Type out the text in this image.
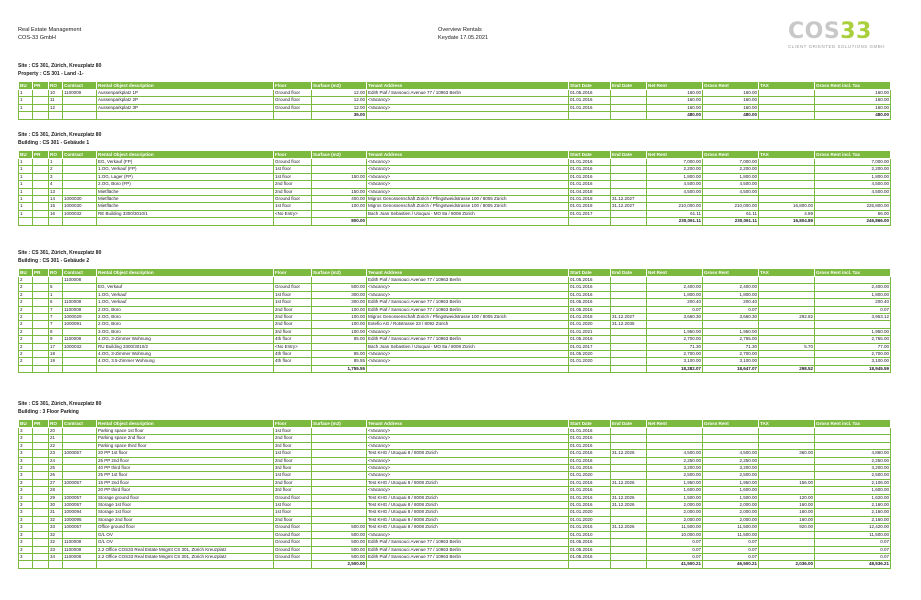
Real Estate Management
COS-33 GmbH
Overview Rentals
Keydate 17.05.2021	COS33
CLIENT ORIENTED SOLUTIONS GMBH
Site : CS 301, Zürich, Kreuzplatz 80
Property : CS 301 - Land -1-
BU	PR	RO	Contract	Rental Object description	Floor	Surface (m2)	Tenant Address	Start Date	End Date	Net Rent	Gross Rent	TAX	Gross Rent incl. Tax
1		10	1100009	Aussenparkplatz 1P	Ground floor	12.00	Edith Piaf / Sansouci Avenue 77 / 10963 Berlin	01.05.2016		160.00	160.00		160.00
1		11		Aussenparkplatz 2P	Ground floor	12.00	<Vacancy>	01.01.2016		160.00	160.00		160.00
1		12		Aussenparkplatz 3P	Ground floor	12.00	<Vacancy>	01.01.2016		160.00	160.00		160.00
						36.00				480.00	480.00		480.00
Site : CS 301, Zürich, Kreuzplatz 80
Building : CS 301 - Gebäude 1
BU	PR	RO	Contract	Rental Object description	Floor	Surface (m2)	Tenant Address	Start Date	End Date	Net Rent	Gross Rent	TAX	Gross Rent incl. Tax
1		1		EG, Verkauf (FP)	Ground floor		<Vacancy>	01.01.2016		7,000.00	7,000.00		7,000.00
1		2		1.OG, Verkauf (FP)	1st floor		<Vacancy>	01.01.2016		2,200.00	2,200.00		2,200.00
1		3		1.OG, Lager (FP)	1st floor	150.00	<Vacancy>	01.01.2016		1,800.00	1,800.00		1,800.00
1		4		2.OG, Büro (FP)	2nd floor		<Vacancy>	01.01.2016		4,500.00	4,500.00		4,500.00
1		13		Mietfläche	2nd floor	150.00	<Vacancy>	01.04.2018		4,500.00	4,500.00		4,500.00
1		14	1000030	Mietfläche	Ground floor	400.00	Migros Genossenschaft Zürich / Pfingstweidstrasse 100 / 8005 Zürich	01.01.2018	31.12.2027				
1		15	1000030	Mietfläche	1st floor	100.00	Migros Genossenschaft Zürich / Pfingstweidstrasse 100 / 8005 Zürich	01.01.2018	31.12.2027	210,000.00	210,000.00	16,800.00	226,800.00
1		16	1000032	RE Building 3300/3010/1	<No Entry>		Bach Joan Sebastien / Utoquai - MO 8a / 8008 Zürich	01.01.2017		61.11	61.11	4.89	66.00
						800.00				230,061.11	230,061.11	16,804.89	246,866.00
Site : CS 301, Zürich, Kreuzplatz 80
Building : CS 301 - Gebäude 2
BU	PR	RO	Contract	Rental Object description	Floor	Surface (m2)	Tenant Address	Start Date	End Date	Net Rent	Gross Rent	TAX	Gross Rent incl. Tax
2			1100008				Edith Piaf / Sansouci Avenue 77 / 10963 Berlin	01.05.2016					
2		5		EG, Verkauf	Ground floor	500.00	<Vacancy>	01.01.2016		2,400.00	2,400.00		2,400.00
2		1		1.OG, Verkauf	1st floor	300.00	<Vacancy>	01.01.2016		1,800.00	1,800.00		1,800.00
2		6	1100008	1.OG, Verkauf	1st floor	300.00	Edith Piaf / Sansouci Avenue 77 / 10963 Berlin	01.05.2016		200.40	200.40		200.40
2		7	1100008	2.OG, Büro	2nd floor	100.00	Edith Piaf / Sansouci Avenue 77 / 10963 Berlin	01.05.2016		0.07	0.07		0.07
2		7	1000029	2.OG, Büro	2nd floor	100.00	Migros Genossenschaft Zürich / Pfingstweidstrasse 100 / 8005 Zürich	01.01.2018	31.12.2027	3,660.30	3,660.30	292.82	3,953.12
2		7	1000091	2.OG, Büro	2nd floor	100.00	Extefio AG / Rotstrasse 23 / 8092 Zürich	01.01.2020	31.12.2035				
2		8		3.OG, Büro	3rd floor	100.00	<Vacancy>	01.01.2021		1,950.00	1,950.00		1,950.00
2		9	1100008	4.OG, 3-Zimmer Wohnung	4th floor	85.00	Edith Piaf / Sansouci Avenue 77 / 10963 Berlin	01.05.2016		2,700.00	2,765.00		2,765.00
2		17	1000032	RU Building 3300/3010/2	<No Entry>		Bach Joan Sebastien / Utoquai - MO 8a / 8008 Zürich	01.01.2017		71.30	71.30	5.70	77.00
2		18		4.OG, 3-Zimmer Wohnung	4th floor	85.00	<Vacancy>	01.05.2020		2,700.00	2,700.00		2,700.00
2		19		4.OG, 3.5-Zimmer Wohnung	4th floor	85.55	<Vacancy>	01.01.2020		3,100.00	3,100.00		3,100.00
						1,755.55				18,282.07	18,647.07	298.52	18,945.59
Site : CS 301, Zürich, Kreuzplatz 80
Building : 3 Floor Parking
BU	PR	RO	Contract	Rental Object description	Floor	Surface (m2)	Tenant Address	Start Date	End Date	Net Rent	Gross Rent	TAX	Gross Rent incl. Tax
3		20		Parking space 1st floor	1st floor		<Vacancy>	01.01.2016					
3		21		Parking space 2nd floor	2nd floor		<Vacancy>	01.01.2016					
3		22		Parking space third floor	3rd floor		<Vacancy>	01.01.2016					
3		23	1000057	20 PP 1st floor	1st floor		Test KHG / Utoquai 8 / 8008 Zürich	01.01.2016	31.12.2026	4,500.00	4,500.00	360.00	4,860.00
3		24		25 PP 2nd floor	2nd floor		<Vacancy>	01.01.2016		2,250.00	2,250.00		2,250.00
3		25		40 PP third floor	3rd floor		<Vacancy>	01.01.2016		3,200.00	3,200.00		3,200.00
3		26		25 PP 1st floor	1st floor		<Vacancy>	01.01.2020		2,500.00	2,500.00		2,500.00
3		27	1000057	15 PP 2nd floor	2nd floor		Test KHG / Utoquai 8 / 8008 Zürich	01.01.2016	31.12.2026	1,950.00	1,950.00	156.00	2,106.00
3		28		20 PP third floor	3rd floor		<Vacancy>	01.01.2016		1,600.00	1,600.00		1,600.00
3		29	1000057	Storage ground floor	Ground floor		Test KHG / Utoquai 8 / 8008 Zürich	01.01.2016	31.12.2026	1,500.00	1,500.00	120.00	1,620.00
3		30	1000057	Storage 1st floor	1st floor		Test KHG / Utoquai 8 / 8008 Zürich	01.01.2016	31.12.2026	2,000.00	2,000.00	160.00	2,160.00
3		31	1000094	Storage 1st floor	1st floor		Test KHG / Utoquai 8 / 8008 Zürich	01.01.2020		2,000.00	2,000.00	160.00	2,160.00
3		32	1000095	Storage 2nd floor	2nd floor		Test KHG / Utoquai 8 / 8008 Zürich	01.01.2020		2,000.00	2,000.00	160.00	2,160.00
3		33	1000057	Office ground floor	Ground floor	500.00	Test KHG / Utoquai 8 / 8008 Zürich	01.01.2016	31.12.2026	11,500.00	11,500.00	920.00	12,420.00
3		32		G/L OV	Ground floor	500.00	<Vacancy>	01.01.2010		10,000.00	11,500.00		11,500.00
3		32	1100008	G/L OV	Ground floor	500.00	Edith Piaf / Sansouci Avenue 77 / 10963 Berlin	01.05.2016		0.07	0.07		0.07
3		33	1100008	2.2 Office COS33 Real Estate Mngmt CS 301, Zürich Kreuzplatz	Ground floor	500.00	Edith Piaf / Sansouci Avenue 77 / 10963 Berlin	01.05.2016		0.07	0.07		0.07
3		34	1100008	2.2 Office COS33 Real Estate Mngmt CS 301, Zürich Kreuzplatz	Ground floor	500.00	Edith Piaf / Sansouci Avenue 77 / 10963 Berlin	01.05.2016		0.07	0.07		0.07
						2,500.00				41,500.21	46,500.21	2,036.00	48,536.21
